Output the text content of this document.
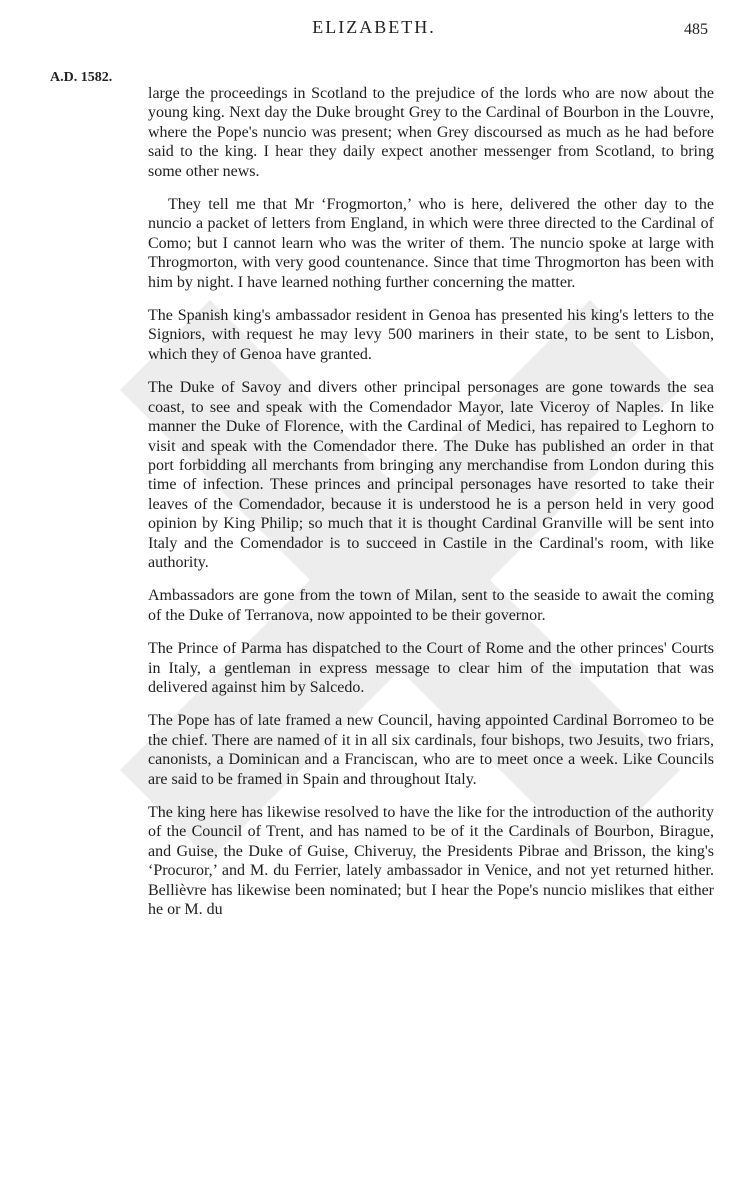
ELIZABETH.	485
A.D. 1582.

large the proceedings in Scotland to the prejudice of the lords who are now about the young king. Next day the Duke brought Grey to the Cardinal of Bourbon in the Louvre, where the Pope's nuncio was present; when Grey discoursed as much as he had before said to the king. I hear they daily expect another messenger from Scotland, to bring some other news.

They tell me that Mr ‘Frogmorton,’ who is here, delivered the other day to the nuncio a packet of letters from England, in which were three directed to the Cardinal of Como; but I cannot learn who was the writer of them. The nuncio spoke at large with Throgmorton, with very good countenance. Since that time Throgmorton has been with him by night. I have learned nothing further concerning the matter.

The Spanish king's ambassador resident in Genoa has presented his king's letters to the Signiors, with request he may levy 500 mariners in their state, to be sent to Lisbon, which they of Genoa have granted.

The Duke of Savoy and divers other principal personages are gone towards the sea coast, to see and speak with the Comendador Mayor, late Viceroy of Naples. In like manner the Duke of Florence, with the Cardinal of Medici, has repaired to Leghorn to visit and speak with the Comendador there. The Duke has published an order in that port forbidding all merchants from bringing any merchandise from London during this time of infection. These princes and principal personages have resorted to take their leaves of the Comendador, because it is understood he is a person held in very good opinion by King Philip; so much that it is thought Cardinal Granville will be sent into Italy and the Comendador is to succeed in Castile in the Cardinal's room, with like authority.

Ambassadors are gone from the town of Milan, sent to the seaside to await the coming of the Duke of Terranova, now appointed to be their governor.

The Prince of Parma has dispatched to the Court of Rome and the other princes' Courts in Italy, a gentleman in express message to clear him of the imputation that was delivered against him by Salcedo.

The Pope has of late framed a new Council, having appointed Cardinal Borromeo to be the chief. There are named of it in all six cardinals, four bishops, two Jesuits, two friars, canonists, a Dominican and a Franciscan, who are to meet once a week. Like Councils are said to be framed in Spain and throughout Italy.

The king here has likewise resolved to have the like for the introduction of the authority of the Council of Trent, and has named to be of it the Cardinals of Bourbon, Birague, and Guise, the Duke of Guise, Chiveruy, the Presidents Pibrae and Brisson, the king's ‘Procuror,’ and M. du Ferrier, lately ambassador in Venice, and not yet returned hither. Bellièvre has likewise been nominated; but I hear the Pope's nuncio mislikes that either he or M. du
